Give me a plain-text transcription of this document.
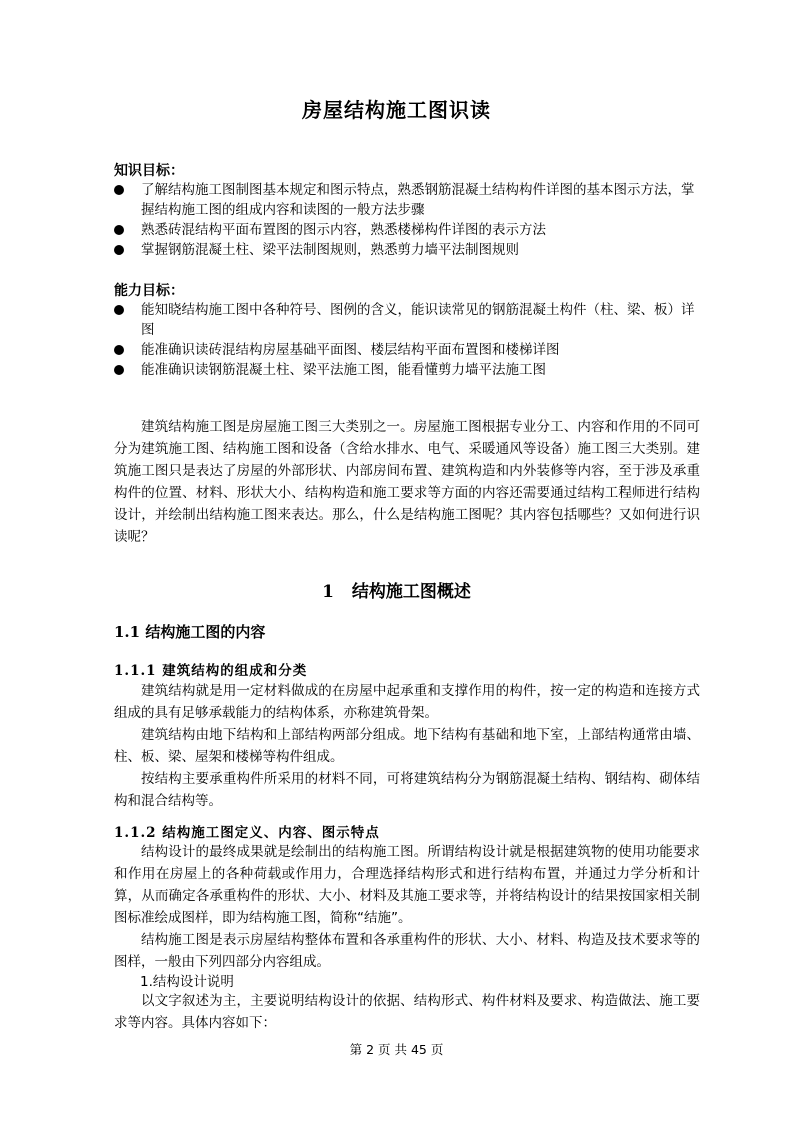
房屋结构施工图识读
知识目标：
了解结构施工图制图基本规定和图示特点，熟悉钢筋混凝土结构构件详图的基本图示方法，掌握结构施工图的组成内容和读图的一般方法步骤
熟悉砖混结构平面布置图的图示内容，熟悉楼梯构件详图的表示方法
掌握钢筋混凝土柱、梁平法制图规则，熟悉剪力墙平法制图规则
能力目标：
能知晓结构施工图中各种符号、图例的含义，能识读常见的钢筋混凝土构件（柱、梁、板）详图
能准确识读砖混结构房屋基础平面图、楼层结构平面布置图和楼梯详图
能准确识读钢筋混凝土柱、梁平法施工图，能看懂剪力墙平法施工图
建筑结构施工图是房屋施工图三大类别之一。房屋施工图根据专业分工、内容和作用的不同可分为建筑施工图、结构施工图和设备（含给水排水、电气、采暖通风等设备）施工图三大类别。建筑施工图只是表达了房屋的外部形状、内部房间布置、建筑构造和内外装修等内容，至于涉及承重构件的位置、材料、形状大小、结构构造和施工要求等方面的内容还需要通过结构工程师进行结构设计，并绘制出结构施工图来表达。那么，什么是结构施工图呢？其内容包括哪些？又如何进行识读呢？
1 结构施工图概述
1.1 结构施工图的内容
1.1.1 建筑结构的组成和分类
建筑结构就是用一定材料做成的在房屋中起承重和支撑作用的构件，按一定的构造和连接方式组成的具有足够承载能力的结构体系，亦称建筑骨架。
建筑结构由地下结构和上部结构两部分组成。地下结构有基础和地下室，上部结构通常由墙、柱、板、梁、屋架和楼梯等构件组成。
按结构主要承重构件所采用的材料不同，可将建筑结构分为钢筋混凝土结构、钢结构、砌体结构和混合结构等。
1.1.2 结构施工图定义、内容、图示特点
结构设计的最终成果就是绘制出的结构施工图。所谓结构设计就是根据建筑物的使用功能要求和作用在房屋上的各种荷载或作用力，合理选择结构形式和进行结构布置，并通过力学分析和计算，从而确定各承重构件的形状、大小、材料及其施工要求等，并将结构设计的结果按国家相关制图标准绘成图样，即为结构施工图，简称“结施”。
结构施工图是表示房屋结构整体布置和各承重构件的形状、大小、材料、构造及技术要求等的图样，一般由下列四部分内容组成。
1.结构设计说明
以文字叙述为主，主要说明结构设计的依据、结构形式、构件材料及要求、构造做法、施工要求等内容。具体内容如下：
第 2 页 共 45 页
